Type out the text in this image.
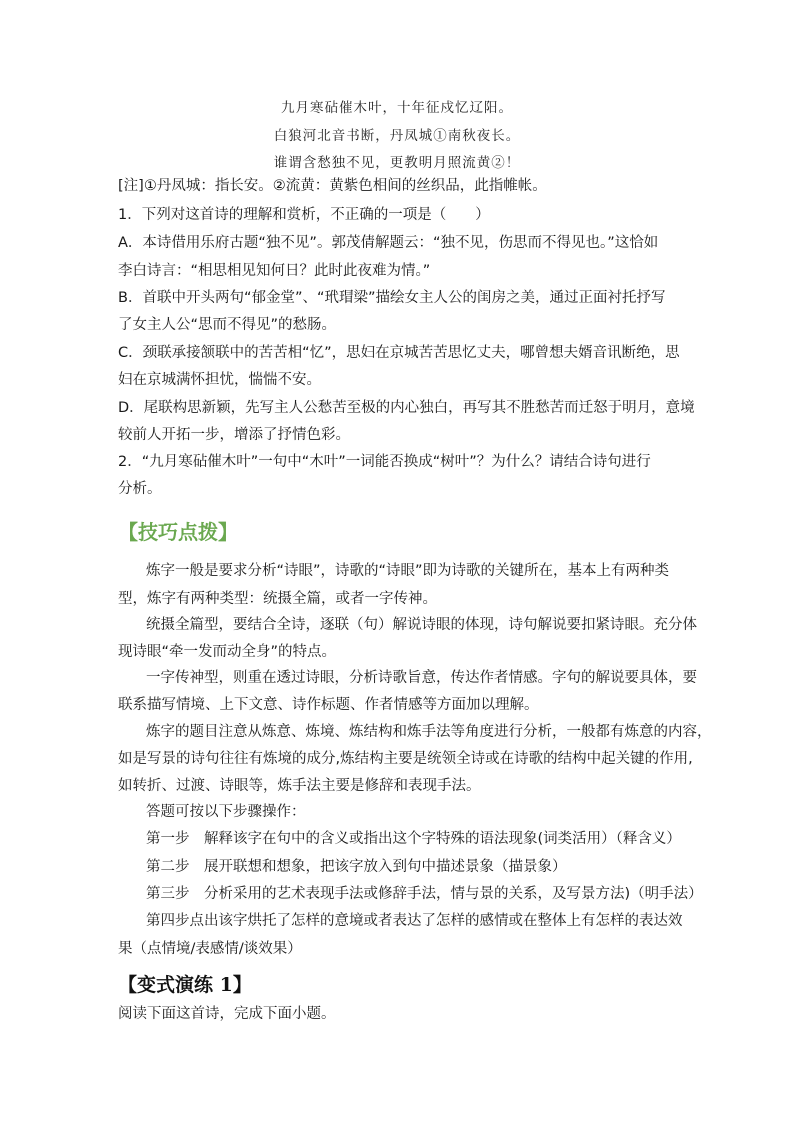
九月寒砧催木叶，十年征戍忆辽阳。
白狼河北音书断，丹凤城①南秋夜长。
谁谓含愁独不见，更教明月照流黄②！
[注]①丹凤城：指长安。②流黄：黄紫色相间的丝织品，此指帷帐。
1．下列对这首诗的理解和赏析，不正确的一项是（　　）
A．本诗借用乐府古题“独不见”。郭茂倩解题云：“独不见，伤思而不得见也。”这恰如
李白诗言：“相思相见知何日？此时此夜难为情。”
B．首联中开头两句“郁金堂”、“玳瑁梁”描绘女主人公的闺房之美，通过正面衬托抒写
了女主人公“思而不得见”的愁肠。
C．颈联承接颔联中的苦苦相“忆”，思妇在京城苦苦思忆丈夫，哪曾想夫婿音讯断绝，思
妇在京城满怀担忧，惴惴不安。
D．尾联构思新颖，先写主人公愁苦至极的内心独白，再写其不胜愁苦而迁怒于明月，意境
较前人开拓一步，增添了抒情色彩。
2．“九月寒砧催木叶”一句中“木叶”一词能否换成“树叶”？为什么？请结合诗句进行
分析。
【技巧点拨】
炼字一般是要求分析“诗眼”，诗歌的“诗眼”即为诗歌的关键所在，基本上有两种类
型，炼字有两种类型：统摄全篇，或者一字传神。
统摄全篇型，要结合全诗，逐联（句）解说诗眼的体现，诗句解说要扣紧诗眼。充分体
现诗眼“牵一发而动全身”的特点。
一字传神型，则重在透过诗眼，分析诗歌旨意，传达作者情感。字句的解说要具体，要
联系描写情境、上下文意、诗作标题、作者情感等方面加以理解。
炼字的题目注意从炼意、炼境、炼结构和炼手法等角度进行分析，一般都有炼意的内容，
如是写景的诗句往往有炼境的成分,炼结构主要是统领全诗或在诗歌的结构中起关键的作用,
如转折、过渡、诗眼等，炼手法主要是修辞和表现手法。
答题可按以下步骤操作：
第一步　解释该字在句中的含义或指出这个字特殊的语法现象(词类活用）（释含义）
第二步　展开联想和想象，把该字放入到句中描述景象（描景象）
第三步　分析采用的艺术表现手法或修辞手法，情与景的关系，及写景方法)（明手法）
第四步点出该字烘托了怎样的意境或者表达了怎样的感情或在整体上有怎样的表达效
果（点情境/表感情/谈效果）
【变式演练 1】
阅读下面这首诗，完成下面小题。
